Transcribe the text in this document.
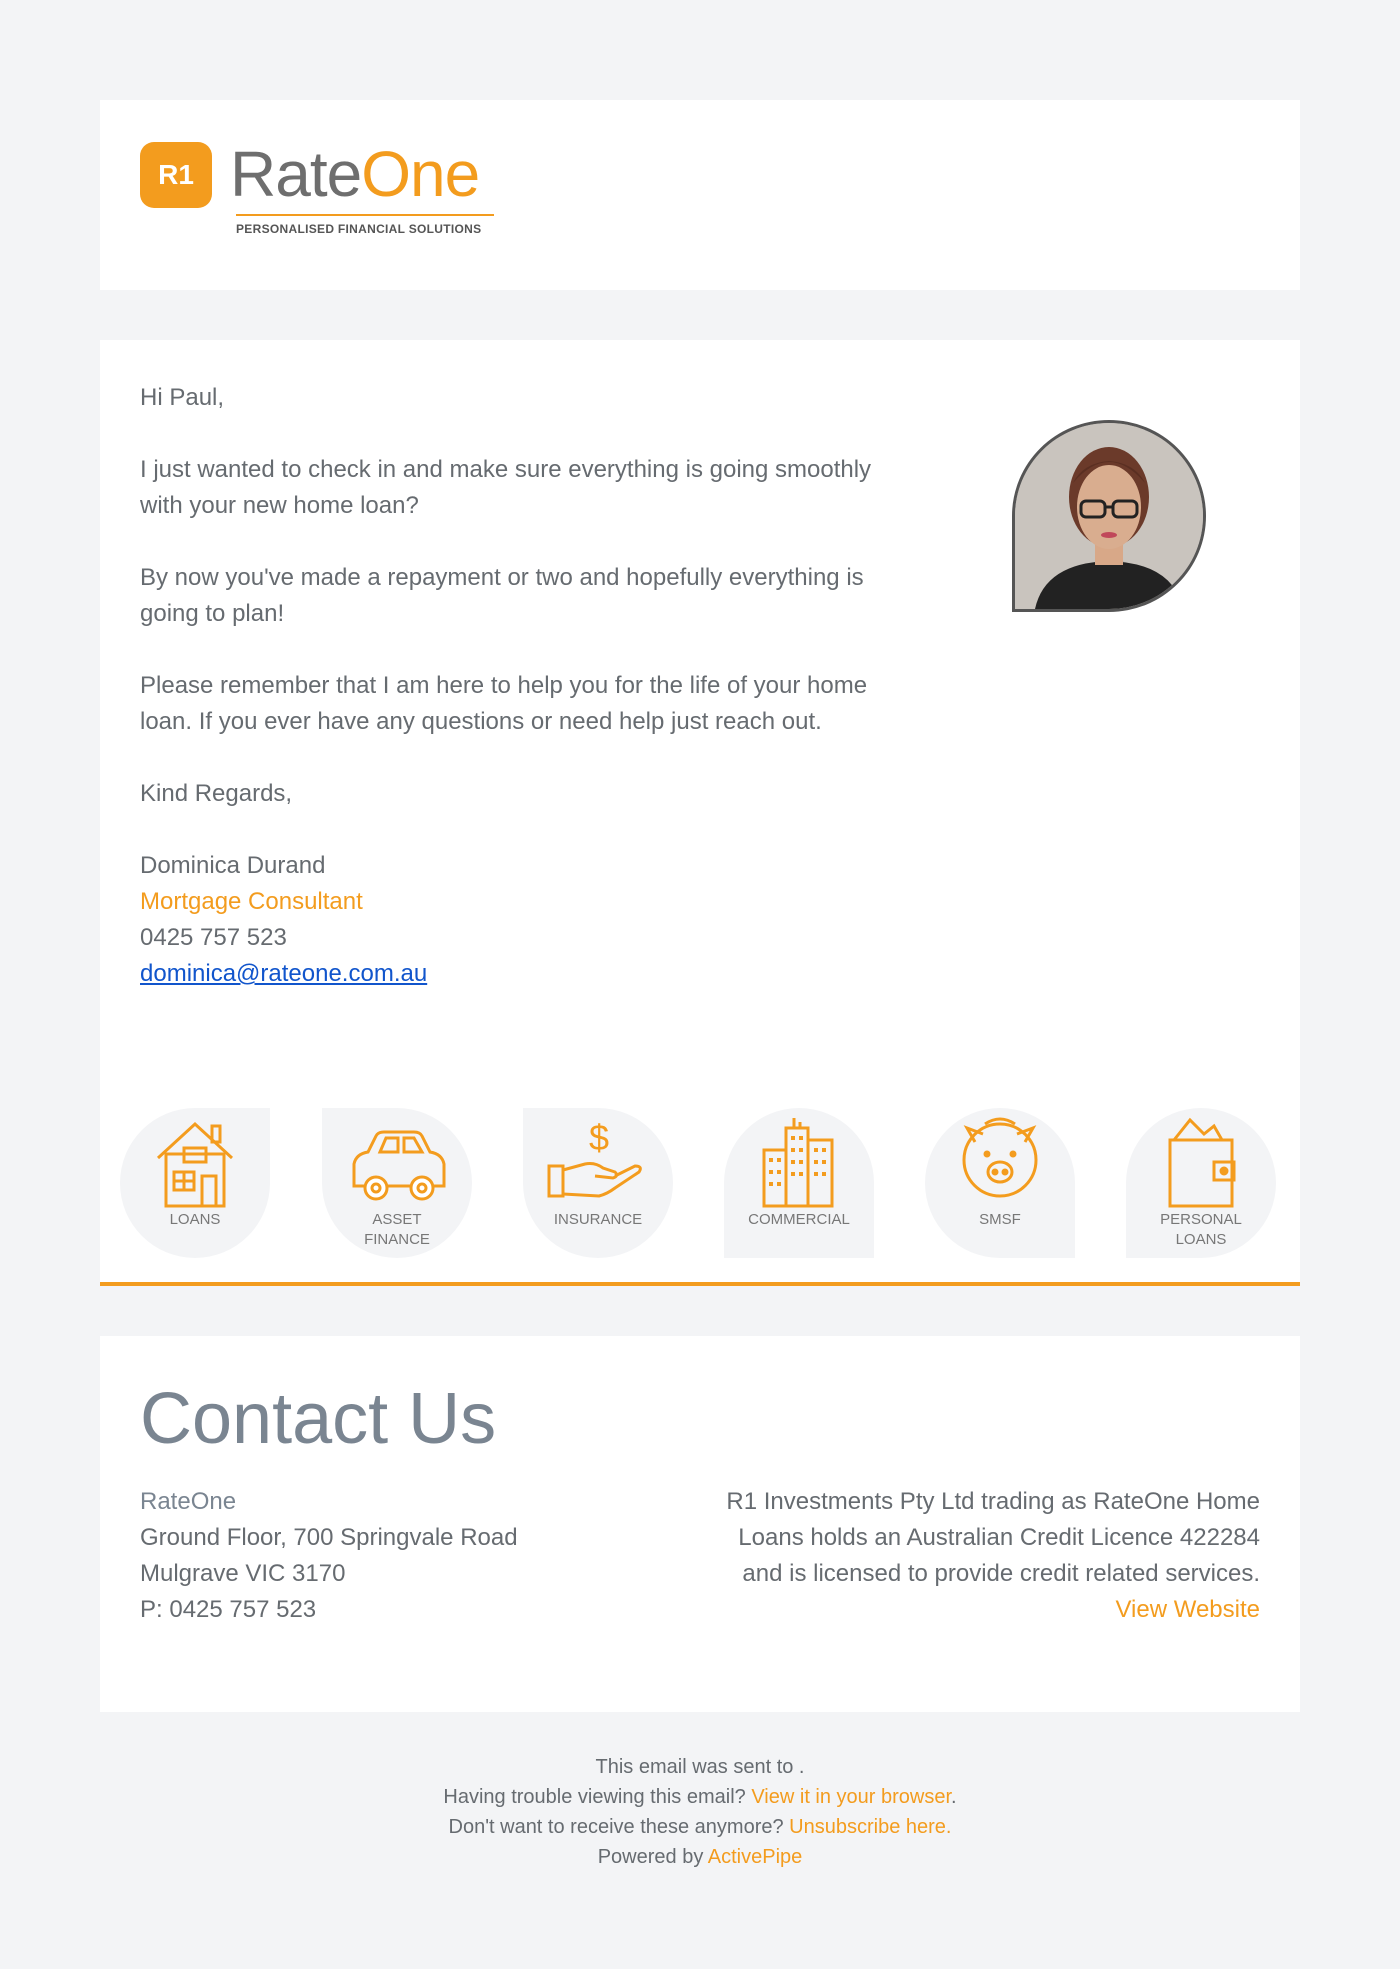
R1 RateOne
PERSONALISED FINANCIAL SOLUTIONS

Hi Paul,

I just wanted to check in and make sure everything is going smoothly with your new home loan?

By now you've made a repayment or two and hopefully everything is going to plan!

Please remember that I am here to help you for the life of your home loan. If you ever have any questions or need help just reach out.

Kind Regards,

Dominica Durand
Mortgage Consultant
0425 757 523
dominica@rateone.com.au
LOANS	ASSET
FINANCE
$
INSURANCE	COMMERCIAL	SMSF	PERSONAL
LOANS
Contact Us
RateOne
Ground Floor, 700 Springvale Road
Mulgrave VIC 3170
P: 0425 757 523
R1 Investments Pty Ltd trading as RateOne Home Loans holds an Australian Credit Licence 422284 and is licensed to provide credit related services.
View Website
This email was sent to .
Having trouble viewing this email? View it in your browser.
Don't want to receive these anymore? Unsubscribe here.
Powered by ActivePipe
